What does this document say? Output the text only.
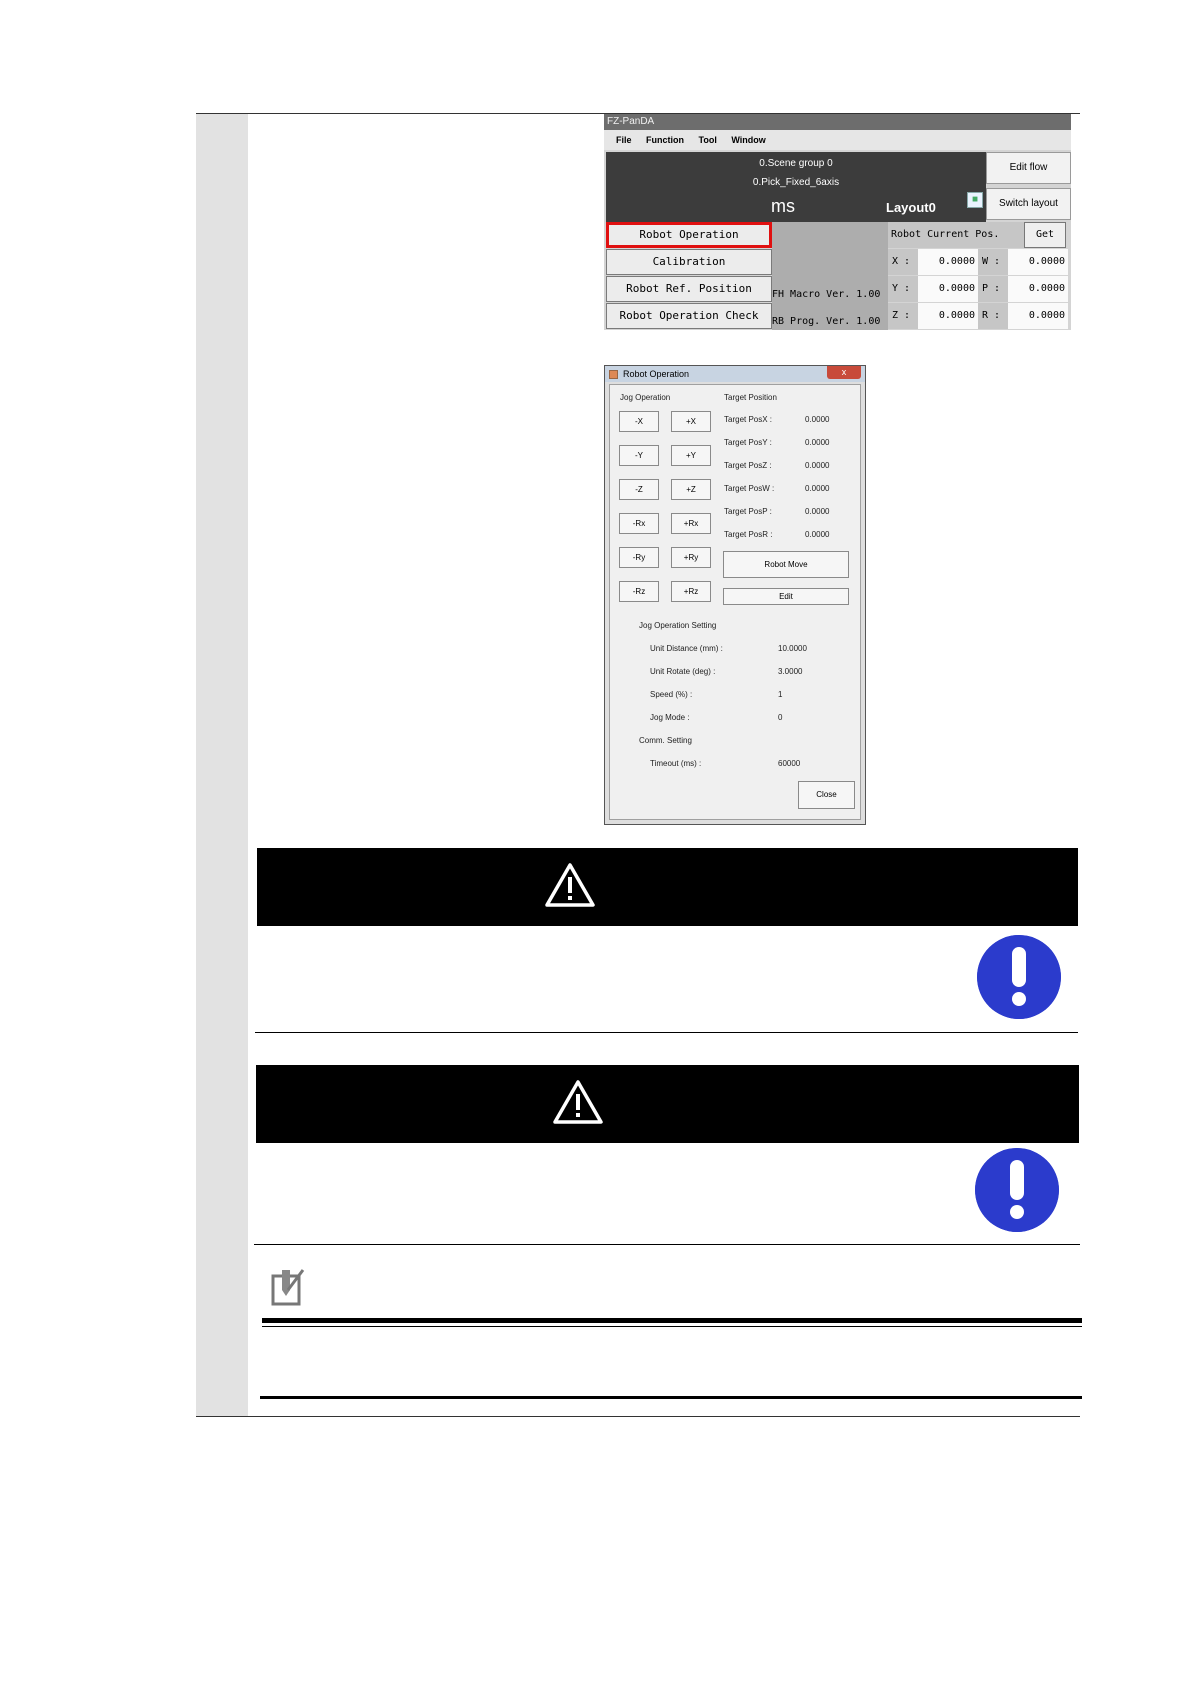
FZ-PanDA
File Function Tool Window
0.Scene group 0
0.Pick_Fixed_6axis
ms	Layout0
■
Edit flow
Switch layout
Robot Operation
Calibration
Robot Ref. Position
Robot Operation Check
FH Macro Ver. 1.00
RB Prog. Ver. 1.00
Robot Current Pos.	Get
X :	0.0000 W :	0.0000
Y :	0.0000 P :	0.0000
Z :	0.0000 R :	0.0000
Robot Operation	x
Jog Operation	Target Position
-X	+X
-Y	+Y
-Z	+Z
-Rx	+Rx
-Ry	+Ry
-Rz	+Rz
Target PosX :	0.0000
Target PosY :	0.0000
Target PosZ :	0.0000
Target PosW :	0.0000
Target PosP :	0.0000
Target PosR :	0.0000
Robot Move
Edit
Jog Operation Setting
Unit Distance (mm) :	10.0000
Unit Rotate (deg) :	3.0000
Speed (%) :	1
Jog Mode :	0
Comm. Setting
Timeout (ms) :	60000
Close
